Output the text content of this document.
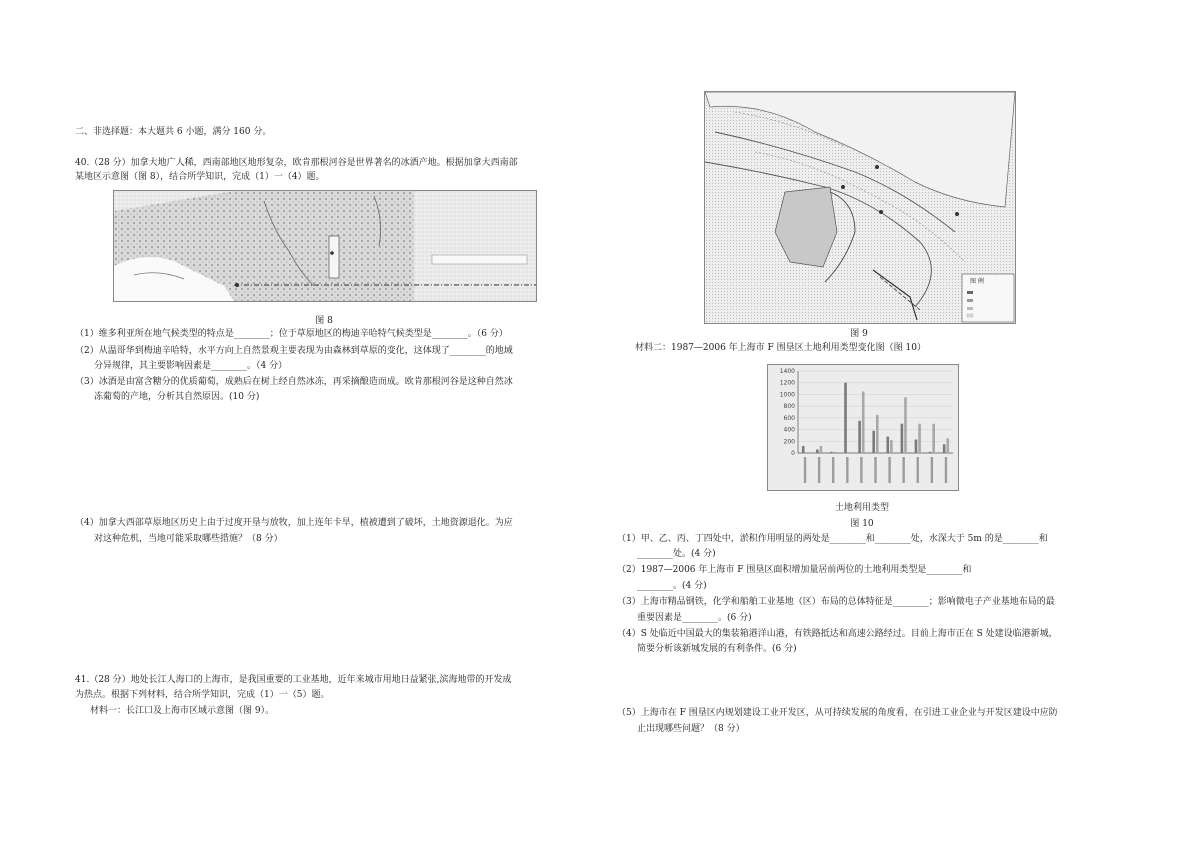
二、非选择题：本大题共 6 小题，满分 160 分。
40.（28 分）加拿大地广人稀，西南部地区地形复杂，欧肯那根河谷是世界著名的冰酒产地。根据加拿大西南部
某地区示意图（图 8），结合所学知识，完成（1）一（4）题。
图 8
（1）维多利亚所在地气候类型的特点是________；位于草原地区的梅迪辛哈特气候类型是________。（6 分）
（2）从温哥华到梅迪辛哈特，水平方向上自然景观主要表现为由森林到草原的变化，这体现了________的地域
分异规律，其主要影响因素是________。（4 分）
（3）冰酒是由富含糖分的优质葡萄，成熟后在树上经自然冰冻，再采摘酿造而成。欧肯那根河谷是这种自然冰
冻葡萄的产地，分析其自然原因。(10 分)
（4）加拿大西部草原地区历史上由于过度开垦与放牧，加上连年卡旱，植被遭到了破坏，土地资源退化。为应
对这种危机，当地可能采取哪些措施？（8 分）
41.（28 分）地处长江人海口的上海市，是我国重要的工业基地，近年来城市用地日益紧张,滨海地带的开发成
为热点。根据下列材料，结合所学知识，完成（1）一（5）题。
材料一：长江口及上海市区域示意图（图 9）。
图 例
图 9
材料二：1987—2006 年上海市 F 围垦区土地利用类型变化图（图 10）
0
200
400
600
800
1000
1200
1400
土地利用类型
图 10
（1）甲、乙、丙、丁四处中，淤积作用明显的两处是________和________处，水深大于 5m 的是________和
________处。(4 分)
（2）1987—2006 年上海市 F 围垦区面积增加量居前两位的土地利用类型是________和
________。(4 分)
（3）上海市精品钢铁，化学和船舶工业基地（区）布局的总体特征是________；影响微电子产业基地布局的最
重要因素是________。(6 分)
（4）S 处临近中国最大的集装箱港洋山港，有铁路抵达和高速公路经过。目前上海市正在 S 处建设临港新城，
简要分析该新城发展的有利条件。(6 分)
（5）上海市在 F 围垦区内规划建设工业开发区，从可持续发展的角度看，在引进工业企业与开发区建设中应防
止出现哪些问题？（8 分）
